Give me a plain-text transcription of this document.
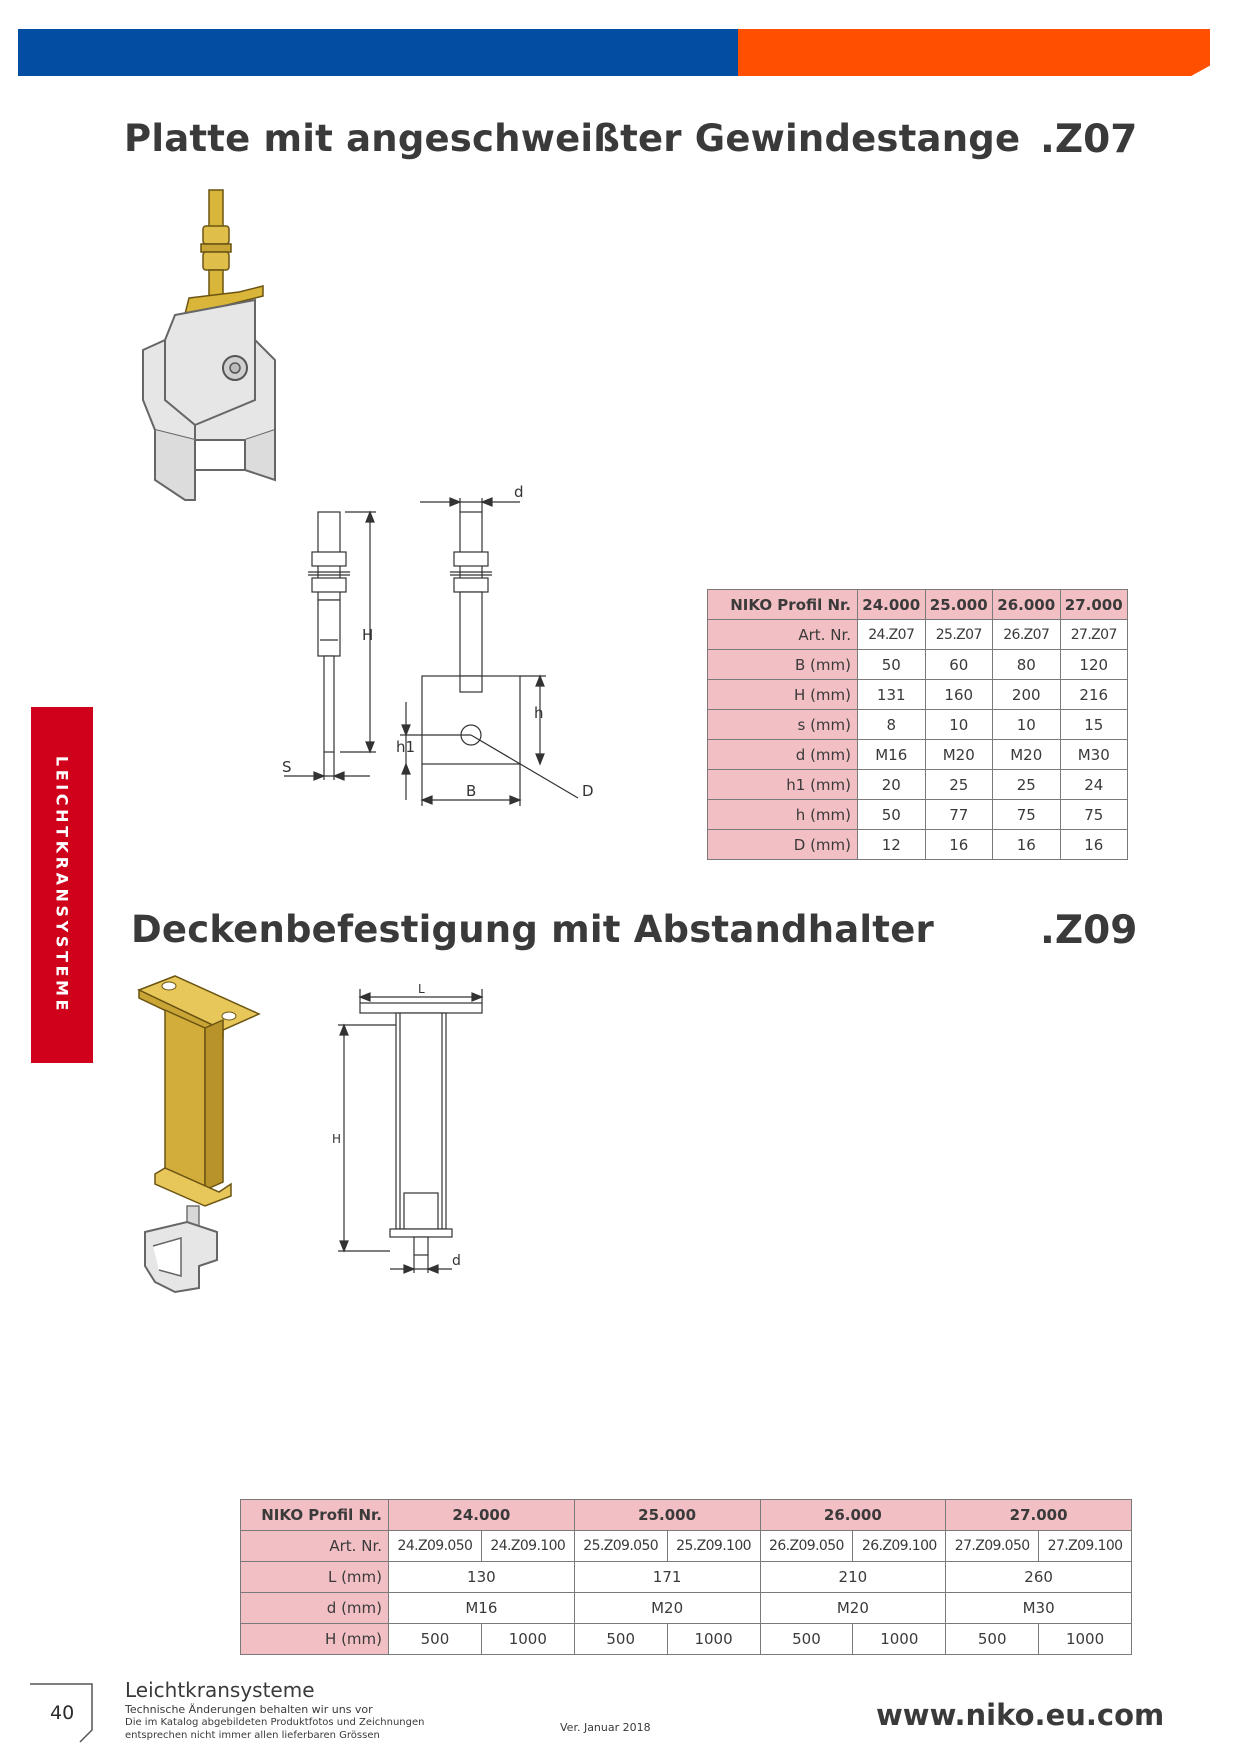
Platte mit angeschweißter Gewindestange .Z07
d
H
h
h1
S
B	D
NIKO Profil Nr.	24.000	25.000	26.000	27.000
Art. Nr.	24.Z07	25.Z07	26.Z07	27.Z07
B (mm)	50	60	80	120
H (mm)	131	160	200	216
s (mm)	8	10	10	15
d (mm)	M16	M20	M20	M30
h1 (mm)	20	25	25	24
h (mm)	50	77	75	75
D (mm)	12	16	16	16
LEICHTKRANSYSTEME Deckenbefestigung mit Abstandhalter	.Z09
L
H
d
NIKO Profil Nr.	24.000		25.000		26.000		27.000	
Art. Nr.	24.Z09.050	24.Z09.100	25.Z09.050	25.Z09.100	26.Z09.050	26.Z09.100	27.Z09.050	27.Z09.100
L (mm)	130		171		210		260	
d (mm)	M16		M20		M20		M30	
H (mm)	500	1000	500	1000	500	1000	500	1000
40
Leichtkransysteme
Technische Änderungen behalten wir uns vor
Die im Katalog abgebildeten Produktfotos und Zeichnungen
entsprechen nicht immer allen lieferbaren Grössen
Ver. Januar 2018	www.niko.eu.com
